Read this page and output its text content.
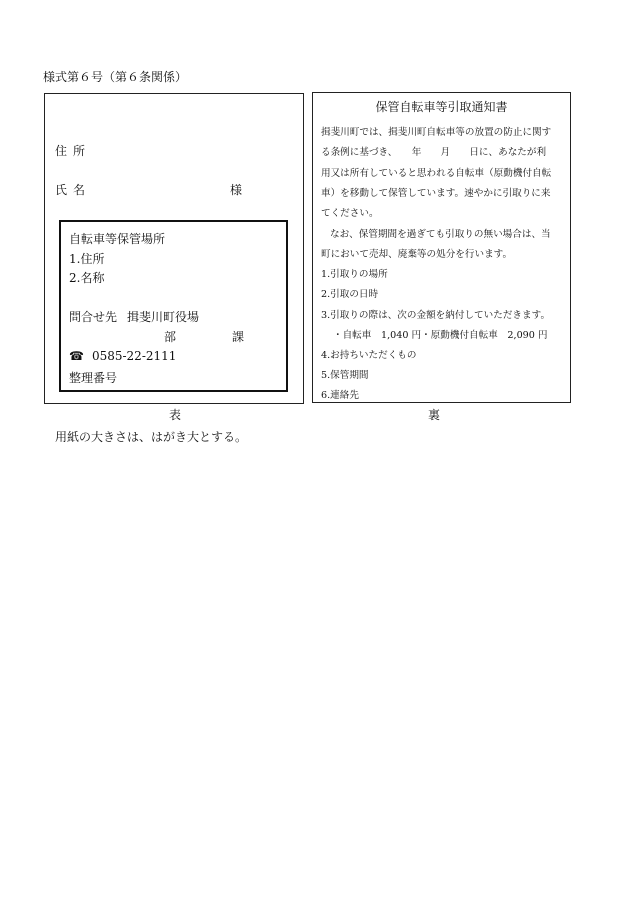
様式第６号（第６条関係）
住所
氏名	様
自転車等保管場所
1.住所
2.名称
問合せ先 揖斐川町役場
部	課
☎ 0585-22-2111
整理番号
保管自転車等引取通知書
揖斐川町では、揖斐川町自転車等の放置の防止に関す
る条例に基づき、　　年　　月　　日に、あなたが利
用又は所有していると思われる自転車（原動機付自転
車）を移動して保管しています。速やかに引取りに来
てください。
なお、保管期間を過ぎても引取りの無い場合は、当
町において売却、廃棄等の処分を行います。
1.引取りの場所
2.引取の日時
3.引取りの際は、次の金額を納付していただきます。
・自転車　1,040 円・原動機付自転車　2,090 円
4.お持ちいただくもの
5.保管期間
6.連絡先
表	裏
用紙の大きさは、はがき大とする。
